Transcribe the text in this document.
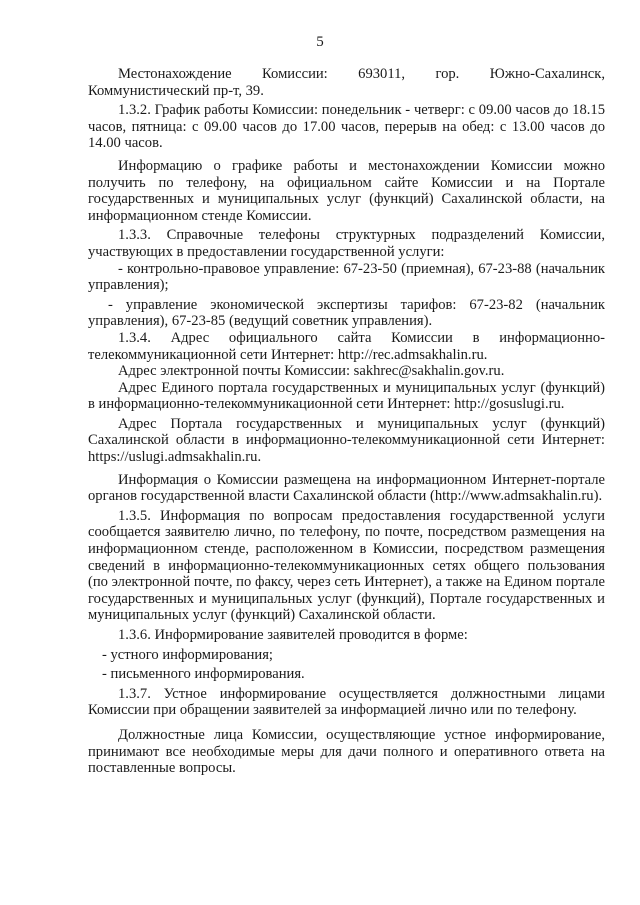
5

Местонахождение Комиссии: 693011, гор. Южно-Сахалинск, Коммунистический пр-т, 39.

1.3.2. График работы Комиссии: понедельник - четверг: с 09.00 часов до 18.15 часов, пятница: с 09.00 часов до 17.00 часов, перерыв на обед: с 13.00 часов до 14.00 часов.

Информацию о графике работы и местонахождении Комиссии можно получить по телефону, на официальном сайте Комиссии и на Портале государственных и муниципальных услуг (функций) Сахалинской области, на информационном стенде Комиссии.

1.3.3. Справочные телефоны структурных подразделений Комиссии, участвующих в предоставлении государственной услуги:

- контрольно-правовое управление: 67-23-50 (приемная), 67-23-88 (начальник управления);

- управление экономической экспертизы тарифов: 67-23-82 (начальник управления), 67-23-85 (ведущий советник управления).

1.3.4. Адрес официального сайта Комиссии в информационно-телекоммуникационной сети Интернет: http://rec.admsakhalin.ru.

Адрес электронной почты Комиссии: sakhrec@sakhalin.gov.ru.

Адрес Единого портала государственных и муниципальных услуг (функций) в информационно-телекоммуникационной сети Интернет: http://gosuslugi.ru.

Адрес Портала государственных и муниципальных услуг (функций) Сахалинской области в информационно-телекоммуникационной сети Интернет: https://uslugi.admsakhalin.ru.

Информация о Комиссии размещена на информационном Интернет-портале органов государственной власти Сахалинской области (http://www.admsakhalin.ru).

1.3.5. Информация по вопросам предоставления государственной услуги сообщается заявителю лично, по телефону, по почте, посредством размещения на информационном стенде, расположенном в Комиссии, посредством размещения сведений в информационно-телекоммуникационных сетях общего пользования (по электронной почте, по факсу, через сеть Интернет), а также на Едином портале государственных и муниципальных услуг (функций), Портале государственных и муниципальных услуг (функций) Сахалинской области.

1.3.6. Информирование заявителей проводится в форме:

- устного информирования;

- письменного информирования.

1.3.7. Устное информирование осуществляется должностными лицами Комиссии при обращении заявителей за информацией лично или по телефону.

Должностные лица Комиссии, осуществляющие устное информирование, принимают все необходимые меры для дачи полного и оперативного ответа на поставленные вопросы.
